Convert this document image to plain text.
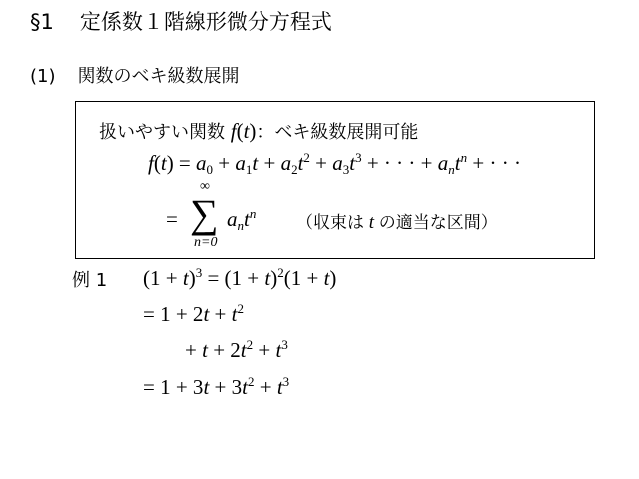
§1 定係数１階線形微分方程式
(1) 関数のベキ級数展開
扱いやすい関数 f(t)：ベキ級数展開可能
$f(t) = a_0 + a_1t + a_2t^2 + a_3t^3$ + · · · + $a_nt^n$ + · · ·
=
∞
∑
n=0
$a_nt^n$ （収束は t の適当な区間）
例 1 $(1 + t)^3 = (1 + t)^2(1 + t)$
= $1 + 2t + t^2$
+ $t + 2t^2 + t^3$
= $1 + 3t + 3t^2 + t^3$
